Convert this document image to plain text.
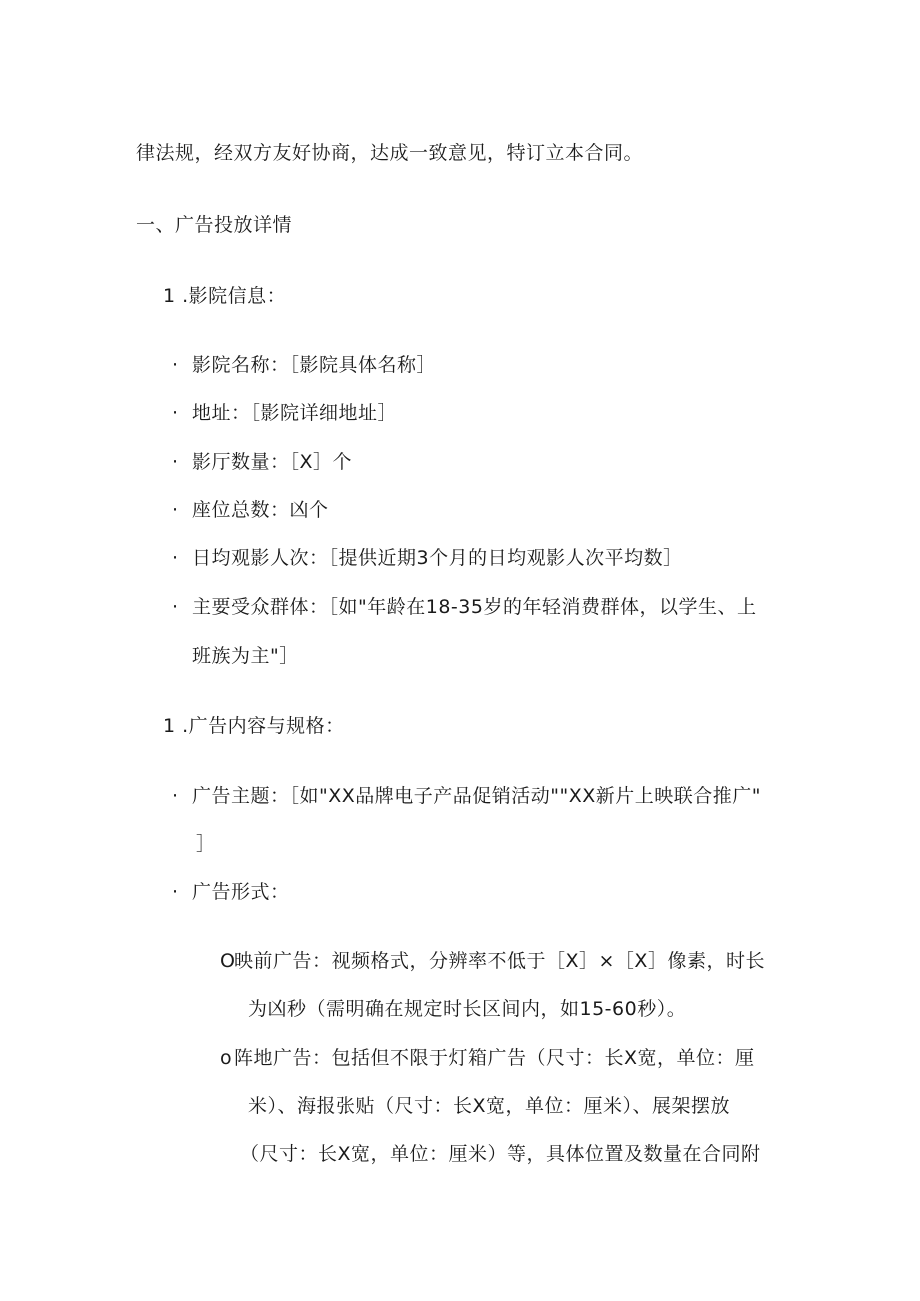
律法规，经双方友好协商，达成一致意见，特订立本合同。
一、广告投放详情
1 .影院信息：
· 影院名称：［影院具体名称］
· 地址：［影院详细地址］
· 影厅数量：［X］个
· 座位总数：凶个
· 日均观影人次：［提供近期3个月的日均观影人次平均数］
· 主要受众群体：［如"年龄在18-35岁的年轻消费群体，以学生、上
班族为主"］
1 .广告内容与规格：
· 广告主题：［如"XX品牌电子产品促销活动""XX新片上映联合推广"
］
· 广告形式：
O
映前广告：视频格式，分辨率不低于［X］×［X］像素，时长
为凶秒（需明确在规定时长区间内，如15-60秒）。
o 阵地广告：包括但不限于灯箱广告（尺寸：长X宽，单位：厘
米）、海报张贴（尺寸：长X宽，单位：厘米）、展架摆放
（尺寸：长X宽，单位：厘米）等，具体位置及数量在合同附
